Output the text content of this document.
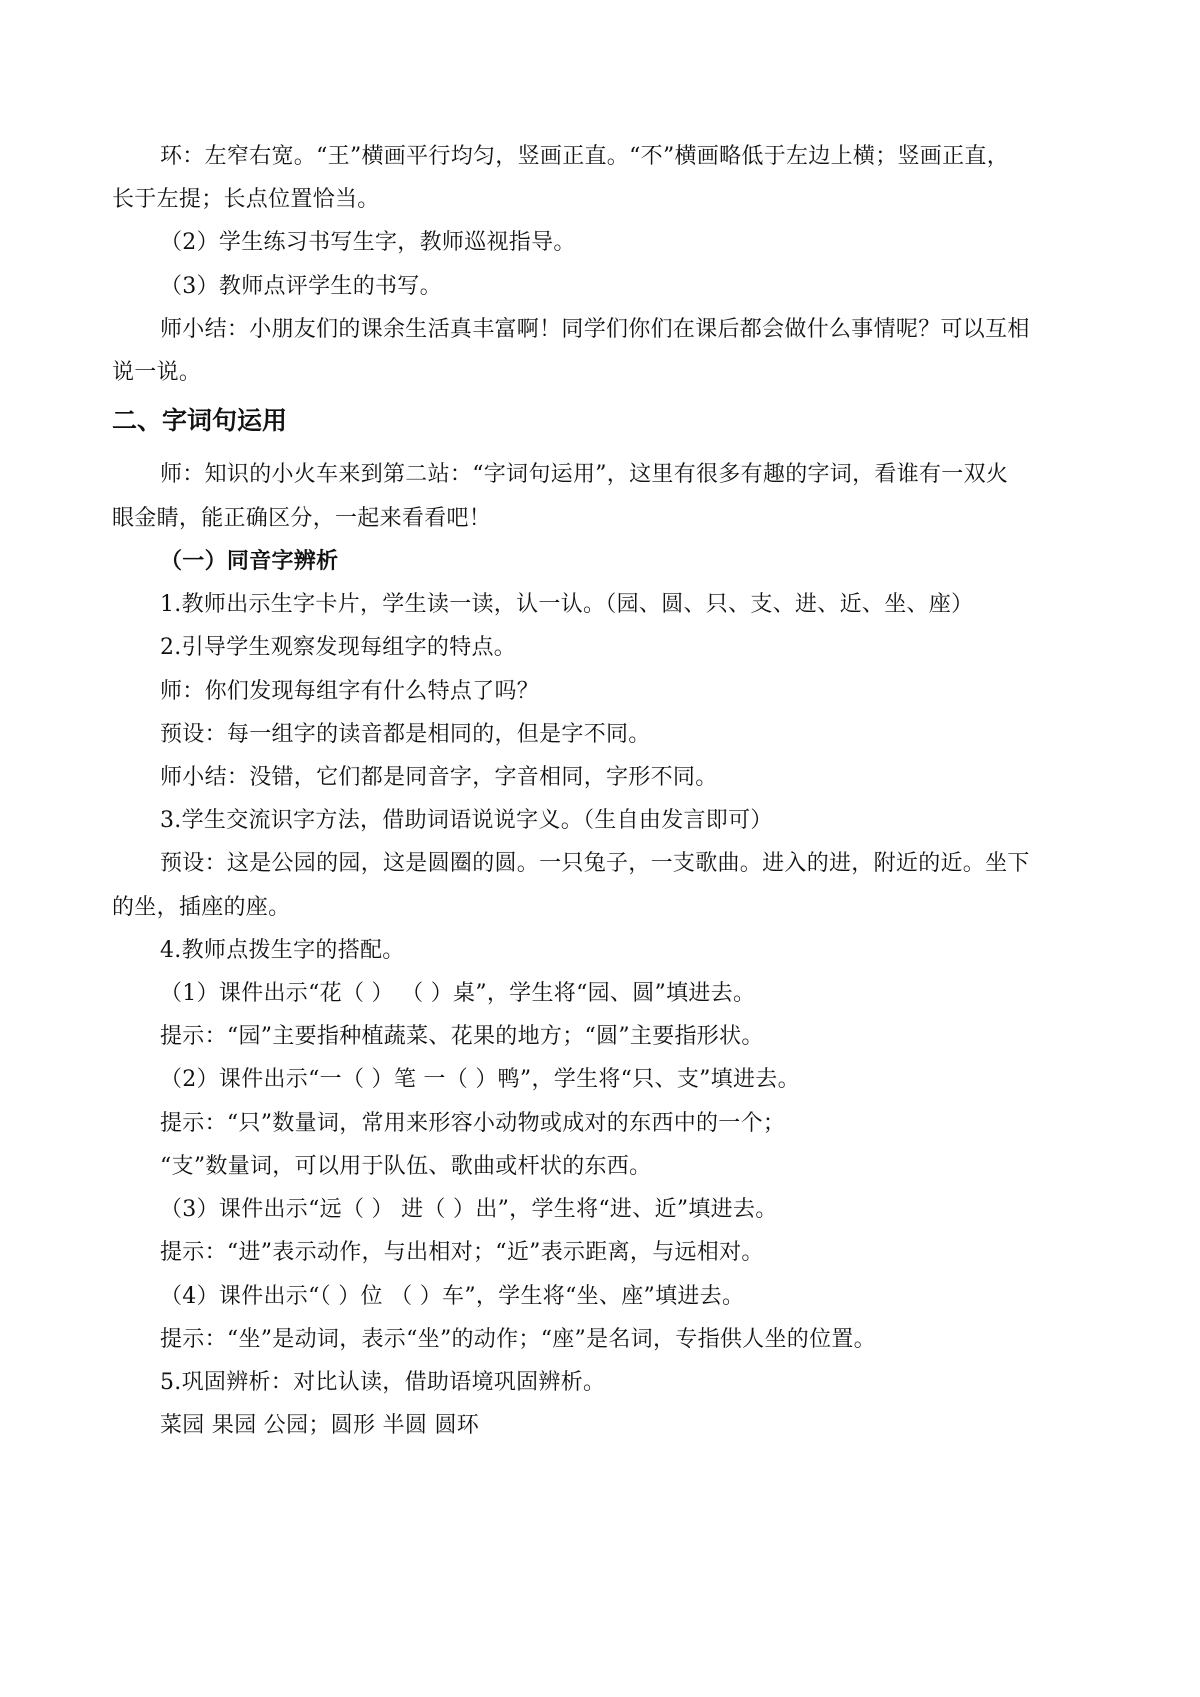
环：左窄右宽。“王”横画平行均匀，竖画正直。“不”横画略低于左边上横；竖画正直，
长于左提；长点位置恰当。
（2）学生练习书写生字，教师巡视指导。
（3）教师点评学生的书写。
师小结：小朋友们的课余生活真丰富啊！同学们你们在课后都会做什么事情呢？可以互相
说一说。
二、字词句运用
师：知识的小火车来到第二站：“字词句运用”，这里有很多有趣的字词，看谁有一双火
眼金睛，能正确区分，一起来看看吧！
（一）同音字辨析
1.教师出示生字卡片，学生读一读，认一认。（园、圆、只、支、进、近、坐、座）
2.引导学生观察发现每组字的特点。
师：你们发现每组字有什么特点了吗？
预设：每一组字的读音都是相同的，但是字不同。
师小结：没错，它们都是同音字，字音相同，字形不同。
3.学生交流识字方法，借助词语说说字义。（生自由发言即可）
预设：这是公园的园，这是圆圈的圆。一只兔子，一支歌曲。进入的进，附近的近。坐下
的坐，插座的座。
4.教师点拨生字的搭配。
（1）课件出示“花（ ） （ ）桌”，学生将“园、圆”填进去。
提示：“园”主要指种植蔬菜、花果的地方；“圆”主要指形状。
（2）课件出示“一（ ）笔 一（ ）鸭”，学生将“只、支”填进去。
提示：“只”数量词，常用来形容小动物或成对的东西中的一个；
“支”数量词，可以用于队伍、歌曲或杆状的东西。
（3）课件出示“远（ ） 进（ ）出”，学生将“进、近”填进去。
提示：“进”表示动作，与出相对；“近”表示距离，与远相对。
（4）课件出示“（ ）位 （ ）车”，学生将“坐、座”填进去。
提示：“坐”是动词，表示“坐”的动作；“座”是名词，专指供人坐的位置。
5.巩固辨析：对比认读，借助语境巩固辨析。
菜园 果园 公园；圆形 半圆 圆环
